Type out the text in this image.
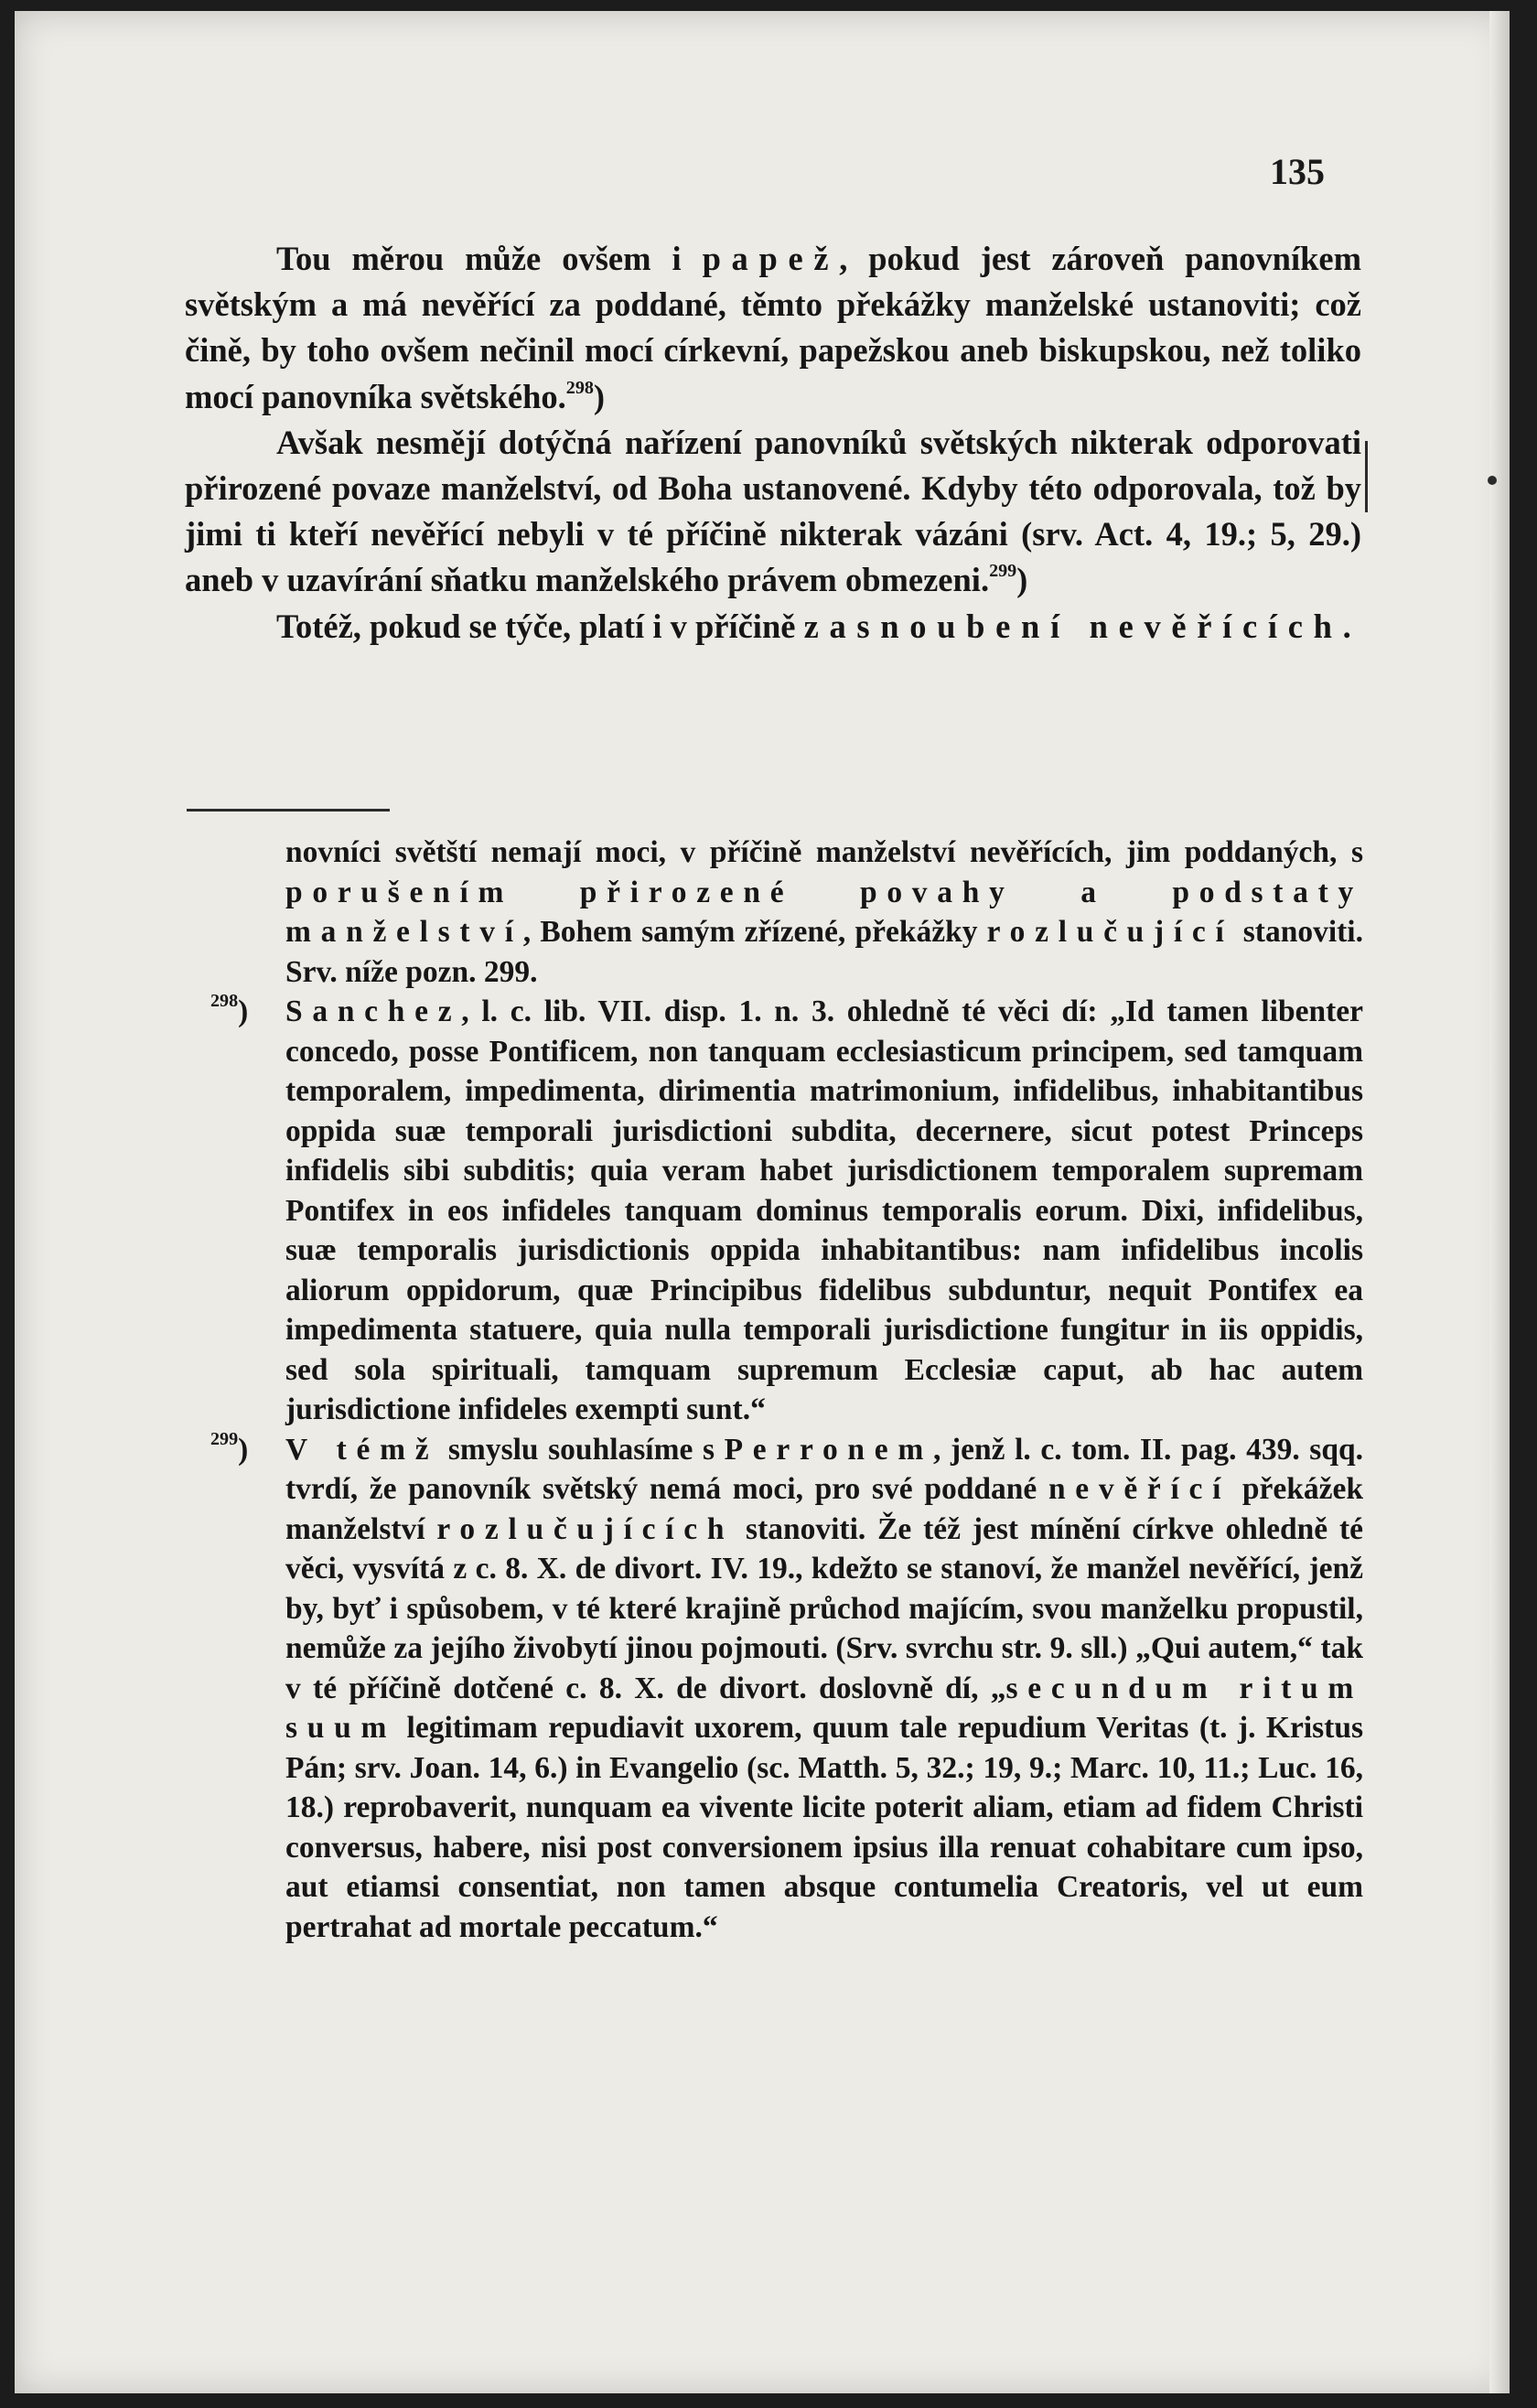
135

Tou měrou může ovšem i papež, pokud jest zároveň panovníkem světským a má nevěřící za poddané, těmto překážky manželské ustanoviti; což čině, by toho ovšem nečinil mocí církevní, papežskou aneb biskupskou, než toliko mocí panovníka světského.$^{298}$)

Avšak nesmějí dotýčná nařízení panovníků světských nikterak odporovati přirozené povaze manželství, od Boha ustanovené. Kdyby této odporovala, tož by jimi ti kteří nevěřící nebyli v té příčině nikterak vázáni (srv. Act. 4, 19.; 5, 29.) aneb v uzavírání sňatku manželského právem obmezeni.$^{299}$)

Totéž, pokud se týče, platí i v příčině zasnoubení nevěřících.

novníci světští nemají moci, v příčině manželství nevěřících, jim poddaných, s porušením přirozené povahy a podstaty manželství, Bohem samým zřízené, překážky rozlučující stanoviti. Srv. níže pozn. 299.

$^{298}$) Sanchez, l. c. lib. VII. disp. 1. n. 3. ohledně té věci dí: „Id tamen libenter concedo, posse Pontificem, non tanquam ecclesiasticum principem, sed tamquam temporalem, impedimenta, dirimentia matrimonium, infidelibus, inhabitantibus oppida suæ temporali jurisdictioni subdita, decernere, sicut potest Princeps infidelis sibi subditis; quia veram habet jurisdictionem temporalem supremam Pontifex in eos infideles tanquam dominus temporalis eorum. Dixi, infidelibus, suæ temporalis jurisdictionis oppida inhabitantibus: nam infidelibus incolis aliorum oppidorum, quæ Principibus fidelibus subduntur, nequit Pontifex ea impedimenta statuere, quia nulla temporali jurisdictione fungitur in iis oppidis, sed sola spirituali, tamquam supremum Ecclesiæ caput, ab hac autem jurisdictione infideles exempti sunt.“

$^{299}$) V témž smyslu souhlasíme s Perronem, jenž l. c. tom. II. pag. 439. sqq. tvrdí, že panovník světský nemá moci, pro své poddané nevěřící překážek manželství rozlučujících stanoviti. Že též jest mínění církve ohledně té věci, vysvítá z c. 8. X. de divort. IV. 19., kdežto se stanoví, že manžel nevěřící, jenž by, byť i spůsobem, v té které krajině průchod majícím, svou manželku propustil, nemůže za jejího živobytí jinou pojmouti. (Srv. svrchu str. 9. sll.) „Qui autem,“ tak v té příčině dotčené c. 8. X. de divort. doslovně dí, „secundum ritum suum legitimam repudiavit uxorem, quum tale repudium Veritas (t. j. Kristus Pán; srv. Joan. 14, 6.) in Evangelio (sc. Matth. 5, 32.; 19, 9.; Marc. 10, 11.; Luc. 16, 18.) reprobaverit, nunquam ea vivente licite poterit aliam, etiam ad fidem Christi conversus, habere, nisi post conversionem ipsius illa renuat cohabitare cum ipso, aut etiamsi consentiat, non tamen absque contumelia Creatoris, vel ut eum pertrahat ad mortale peccatum.“
